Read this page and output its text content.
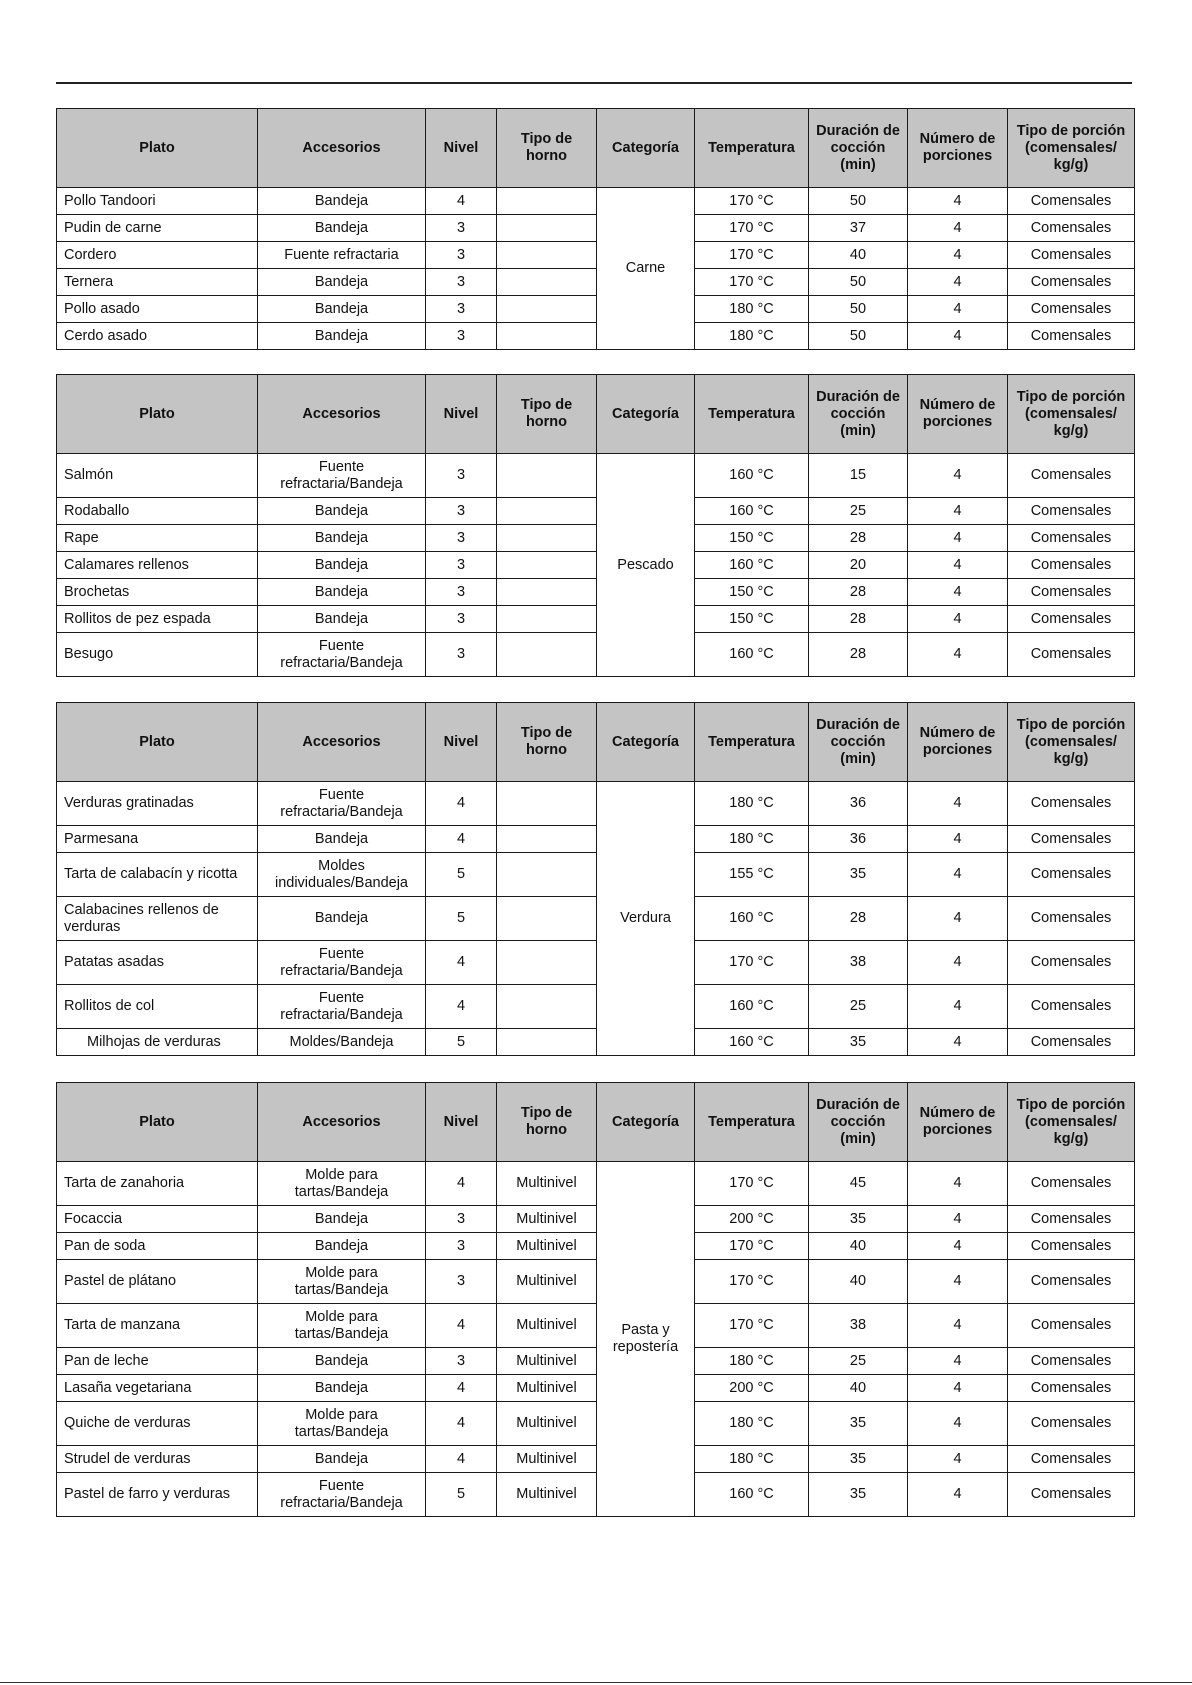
Plato	Accesorios	Nivel	Tipo de horno	Categoría	Temperatura	Duración de cocción (min)	Número de porciones	Tipo de porción (comensales/ kg/g)
Pollo Tandoori	Bandeja	4		Carne	170 °C	50	4	Comensales
Pudin de carne	Bandeja	3			170 °C	37	4	Comensales
Cordero	Fuente refractaria	3			170 °C	40	4	Comensales
Ternera	Bandeja	3			170 °C	50	4	Comensales
Pollo asado	Bandeja	3			180 °C	50	4	Comensales
Cerdo asado	Bandeja	3			180 °C	50	4	Comensales
Plato	Accesorios	Nivel	Tipo de horno	Categoría	Temperatura	Duración de cocción (min)	Número de porciones	Tipo de porción (comensales/ kg/g)
Salmón	Fuente refractaria/Bandeja	3		Pescado	160 °C	15	4	Comensales
Rodaballo	Bandeja	3			160 °C	25	4	Comensales
Rape	Bandeja	3			150 °C	28	4	Comensales
Calamares rellenos	Bandeja	3			160 °C	20	4	Comensales
Brochetas	Bandeja	3			150 °C	28	4	Comensales
Rollitos de pez espada	Bandeja	3			150 °C	28	4	Comensales
Besugo	Fuente refractaria/Bandeja	3			160 °C	28	4	Comensales
Plato	Accesorios	Nivel	Tipo de horno	Categoría	Temperatura	Duración de cocción (min)	Número de porciones	Tipo de porción (comensales/ kg/g)
Verduras gratinadas	Fuente refractaria/Bandeja	4		Verdura	180 °C	36	4	Comensales
Parmesana	Bandeja	4			180 °C	36	4	Comensales
Tarta de calabacín y ricotta	Moldes individuales/Bandeja	5			155 °C	35	4	Comensales
Calabacines rellenos de verduras	Bandeja	5			160 °C	28	4	Comensales
Patatas asadas	Fuente refractaria/Bandeja	4			170 °C	38	4	Comensales
Rollitos de col	Fuente refractaria/Bandeja	4			160 °C	25	4	Comensales
Milhojas de verduras	Moldes/Bandeja	5			160 °C	35	4	Comensales
Plato	Accesorios	Nivel	Tipo de horno	Categoría	Temperatura	Duración de cocción (min)	Número de porciones	Tipo de porción (comensales/ kg/g)
Tarta de zanahoria	Molde para tartas/Bandeja	4	Multinivel	Pasta y repostería	170 °C	45	4	Comensales
Focaccia	Bandeja	3	Multinivel		200 °C	35	4	Comensales
Pan de soda	Bandeja	3	Multinivel		170 °C	40	4	Comensales
Pastel de plátano	Molde para tartas/Bandeja	3	Multinivel		170 °C	40	4	Comensales
Tarta de manzana	Molde para tartas/Bandeja	4	Multinivel		170 °C	38	4	Comensales
Pan de leche	Bandeja	3	Multinivel		180 °C	25	4	Comensales
Lasaña vegetariana	Bandeja	4	Multinivel		200 °C	40	4	Comensales
Quiche de verduras	Molde para tartas/Bandeja	4	Multinivel		180 °C	35	4	Comensales
Strudel de verduras	Bandeja	4	Multinivel		180 °C	35	4	Comensales
Pastel de farro y verduras	Fuente refractaria/Bandeja	5	Multinivel		160 °C	35	4	Comensales
